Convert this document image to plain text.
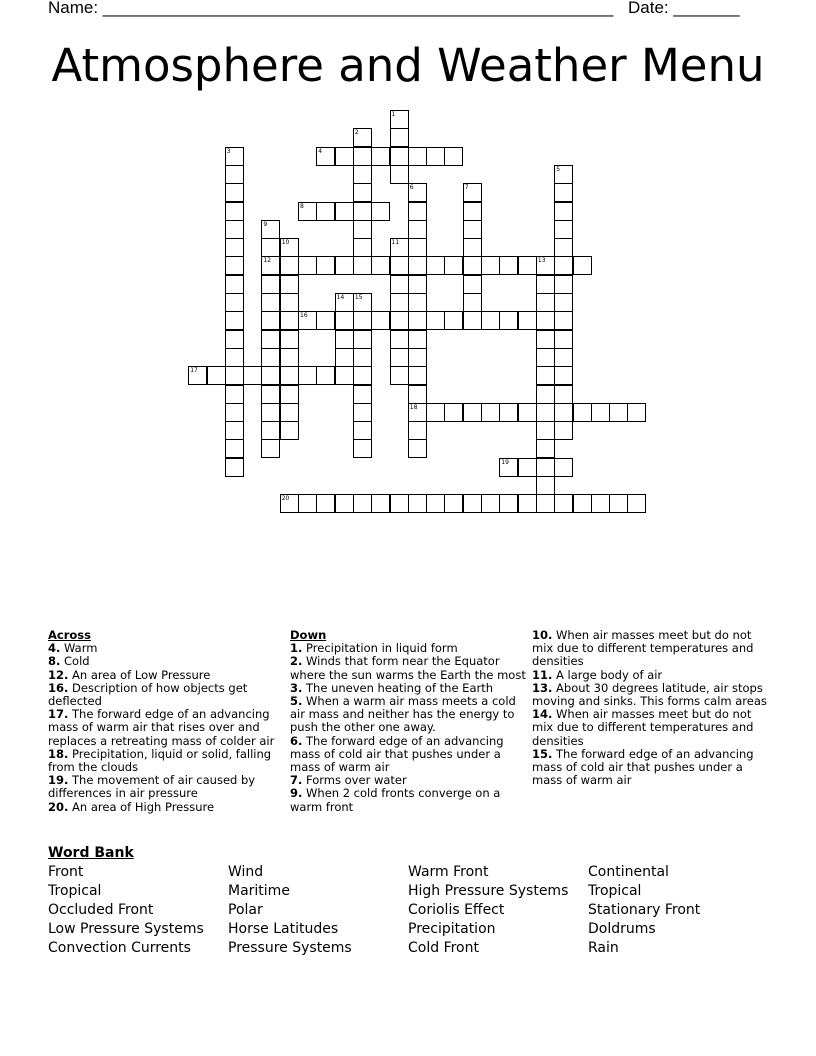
Name: ______________________________________________________ Date: _______
Atmosphere and Weather Menu
1
2
3	4
5
6
18
7
8
9
12
10	11
13
14 15
16
17
19
20
Across
4. Warm
8. Cold
12. An area of Low Pressure
16. Description of how objects get deflected
17. The forward edge of an advancing mass of warm air that rises over and replaces a retreating mass of colder air
18. Precipitation, liquid or solid, falling from the clouds
19. The movement of air caused by differences in air pressure
20. An area of High Pressure
Down
1. Precipitation in liquid form
2. Winds that form near the Equator where the sun warms the Earth the most
3. The uneven heating of the Earth
5. When a warm air mass meets a cold air mass and neither has the energy to push the other one away.
6. The forward edge of an advancing mass of cold air that pushes under a mass of warm air
7. Forms over water
9. When 2 cold fronts converge on a warm front
10. When air masses meet but do not mix due to different temperatures and densities
11. A large body of air
13. About 30 degrees latitude, air stops moving and sinks. This forms calm areas
14. When air masses meet but do not mix due to different temperatures and densities
15. The forward edge of an advancing mass of cold air that pushes under a mass of warm air
Word Bank
Front
Tropical
Occluded Front
Low Pressure Systems
Convection Currents
Wind
Maritime
Polar
Horse Latitudes
Pressure Systems
Warm Front
High Pressure Systems
Coriolis Effect
Precipitation
Cold Front
Continental
Tropical
Stationary Front
Doldrums
Rain
